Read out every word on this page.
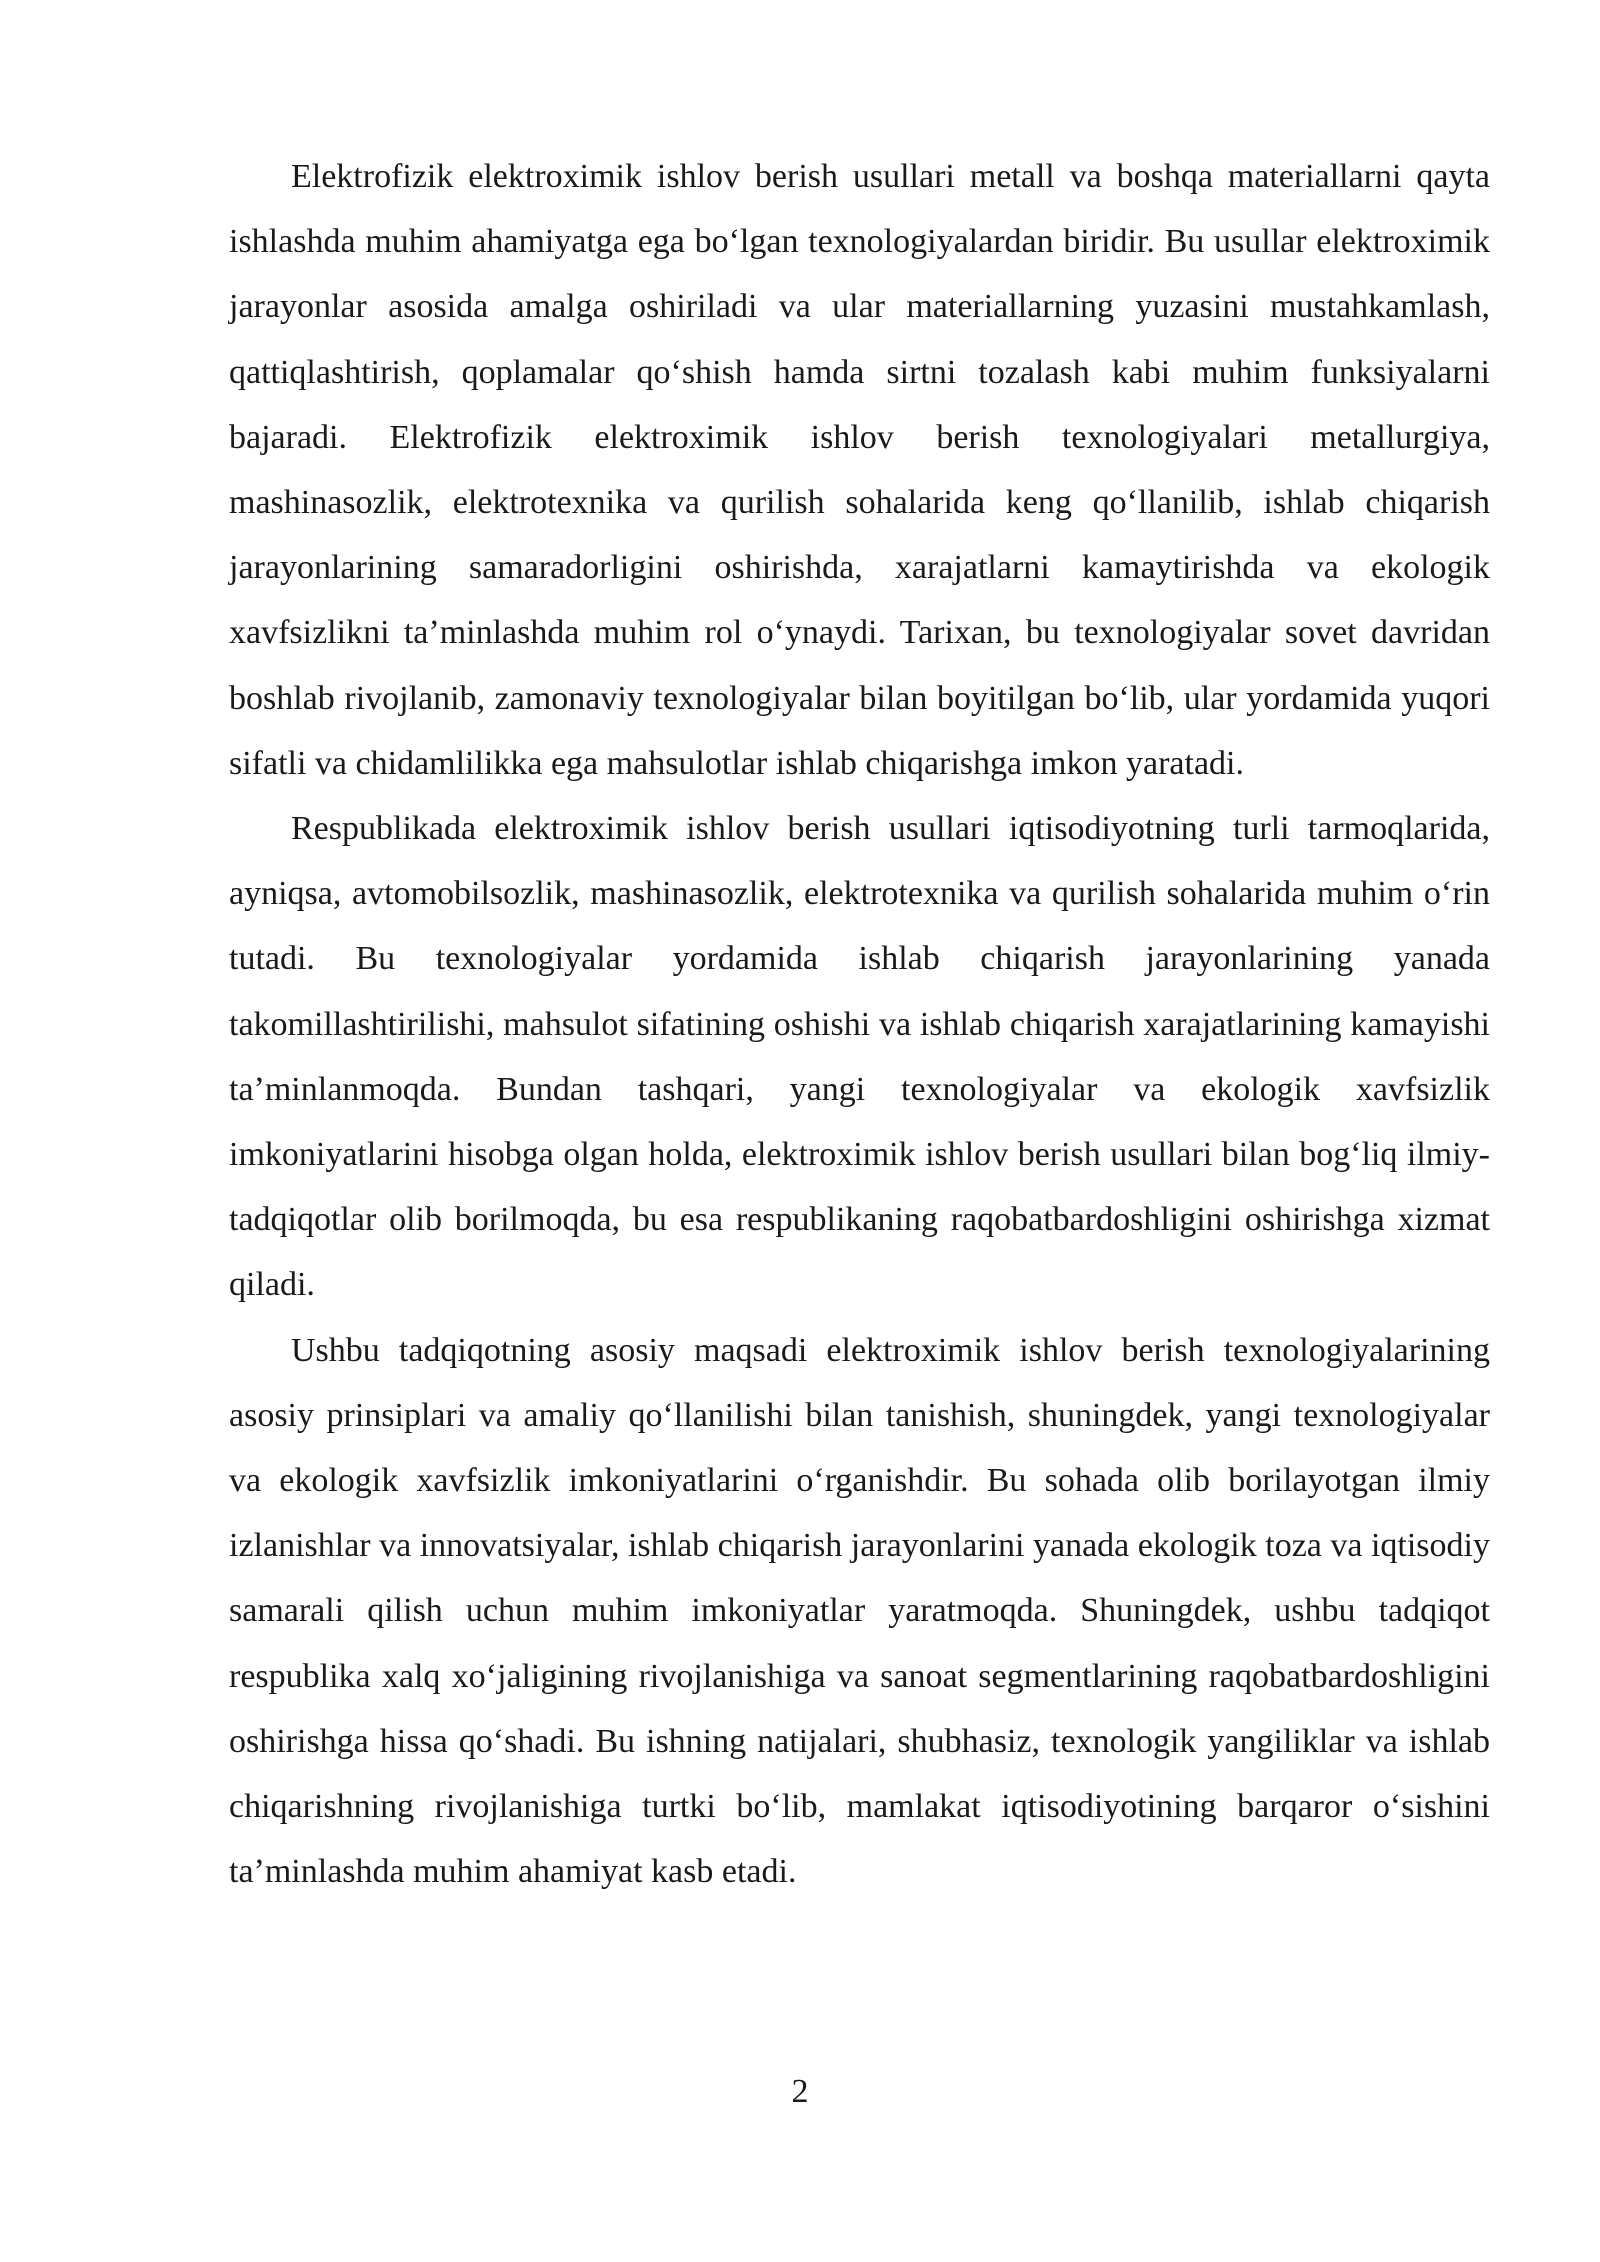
Elektrofizik elektroximik ishlov berish usullari metall va boshqa materiallarni qayta ishlashda muhim ahamiyatga ega boʻlgan texnologiyalardan biridir. Bu usullar elektroximik jarayonlar asosida amalga oshiriladi va ular materiallarning yuzasini mustahkamlash, qattiqlashtirish, qoplamalar qoʻshish hamda sirtni tozalash kabi muhim funksiyalarni bajaradi. Elektrofizik elektroximik ishlov berish texnologiyalari metallurgiya, mashinasozlik, elektrotexnika va qurilish sohalarida keng qoʻllanilib, ishlab chiqarish jarayonlarining samaradorligini oshirishda, xarajatlarni kamaytirishda va ekologik xavfsizlikni taʼminlashda muhim rol oʻynaydi. Tarixan, bu texnologiyalar sovet davridan boshlab rivojlanib, zamonaviy texnologiyalar bilan boyitilgan boʻlib, ular yordamida yuqori sifatli va chidamlilikka ega mahsulotlar ishlab chiqarishga imkon yaratadi.

Respublikada elektroximik ishlov berish usullari iqtisodiyotning turli tarmoqlarida, ayniqsa, avtomobilsozlik, mashinasozlik, elektrotexnika va qurilish sohalarida muhim oʻrin tutadi. Bu texnologiyalar yordamida ishlab chiqarish jarayonlarining yanada takomillashtirilishi, mahsulot sifatining oshishi va ishlab chiqarish xarajatlarining kamayishi taʼminlanmoqda. Bundan tashqari, yangi texnologiyalar va ekologik xavfsizlik imkoniyatlarini hisobga olgan holda, elektroximik ishlov berish usullari bilan bogʻliq ilmiy-tadqiqotlar olib borilmoqda, bu esa respublikaning raqobatbardoshligini oshirishga xizmat qiladi.

Ushbu tadqiqotning asosiy maqsadi elektroximik ishlov berish texnologiyalarining asosiy prinsiplari va amaliy qoʻllanilishi bilan tanishish, shuningdek, yangi texnologiyalar va ekologik xavfsizlik imkoniyatlarini oʻrganishdir. Bu sohada olib borilayotgan ilmiy izlanishlar va innovatsiyalar, ishlab chiqarish jarayonlarini yanada ekologik toza va iqtisodiy samarali qilish uchun muhim imkoniyatlar yaratmoqda. Shuningdek, ushbu tadqiqot respublika xalq xoʻjaligining rivojlanishiga va sanoat segmentlarining raqobatbardoshligini oshirishga hissa qoʻshadi. Bu ishning natijalari, shubhasiz, texnologik yangiliklar va ishlab chiqarishning rivojlanishiga turtki boʻlib, mamlakat iqtisodiyotining barqaror oʻsishini taʼminlashda muhim ahamiyat kasb etadi.

2
